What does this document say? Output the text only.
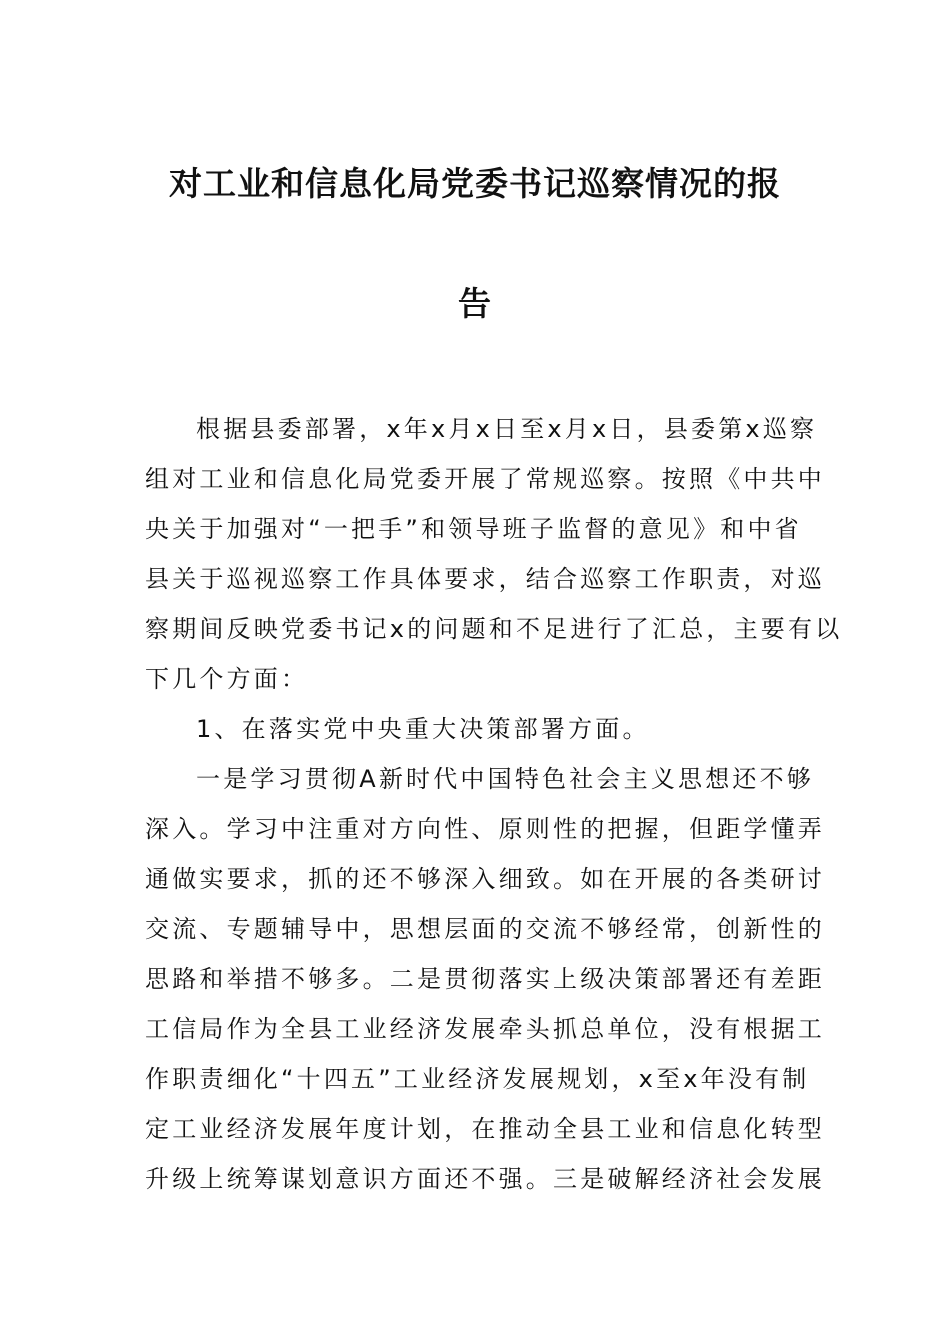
对工业和信息化局党委书记巡察情况的报
告
根据县委部署，x年x月x日至x月x日，县委第x巡察
组对工业和信息化局党委开展了常规巡察。按照《中共中
央关于加强对“一把手”和领导班子监督的意见》和中省
县关于巡视巡察工作具体要求，结合巡察工作职责，对巡
察期间反映党委书记x的问题和不足进行了汇总，主要有以
下几个方面：
1、在落实党中央重大决策部署方面。
一是学习贯彻A新时代中国特色社会主义思想还不够
深入。学习中注重对方向性、原则性的把握，但距学懂弄
通做实要求，抓的还不够深入细致。如在开展的各类研讨
交流、专题辅导中，思想层面的交流不够经常，创新性的
思路和举措不够多。二是贯彻落实上级决策部署还有差距
工信局作为全县工业经济发展牵头抓总单位，没有根据工
作职责细化“十四五”工业经济发展规划，x至x年没有制
定工业经济发展年度计划，在推动全县工业和信息化转型
升级上统筹谋划意识方面还不强。三是破解经济社会发展
